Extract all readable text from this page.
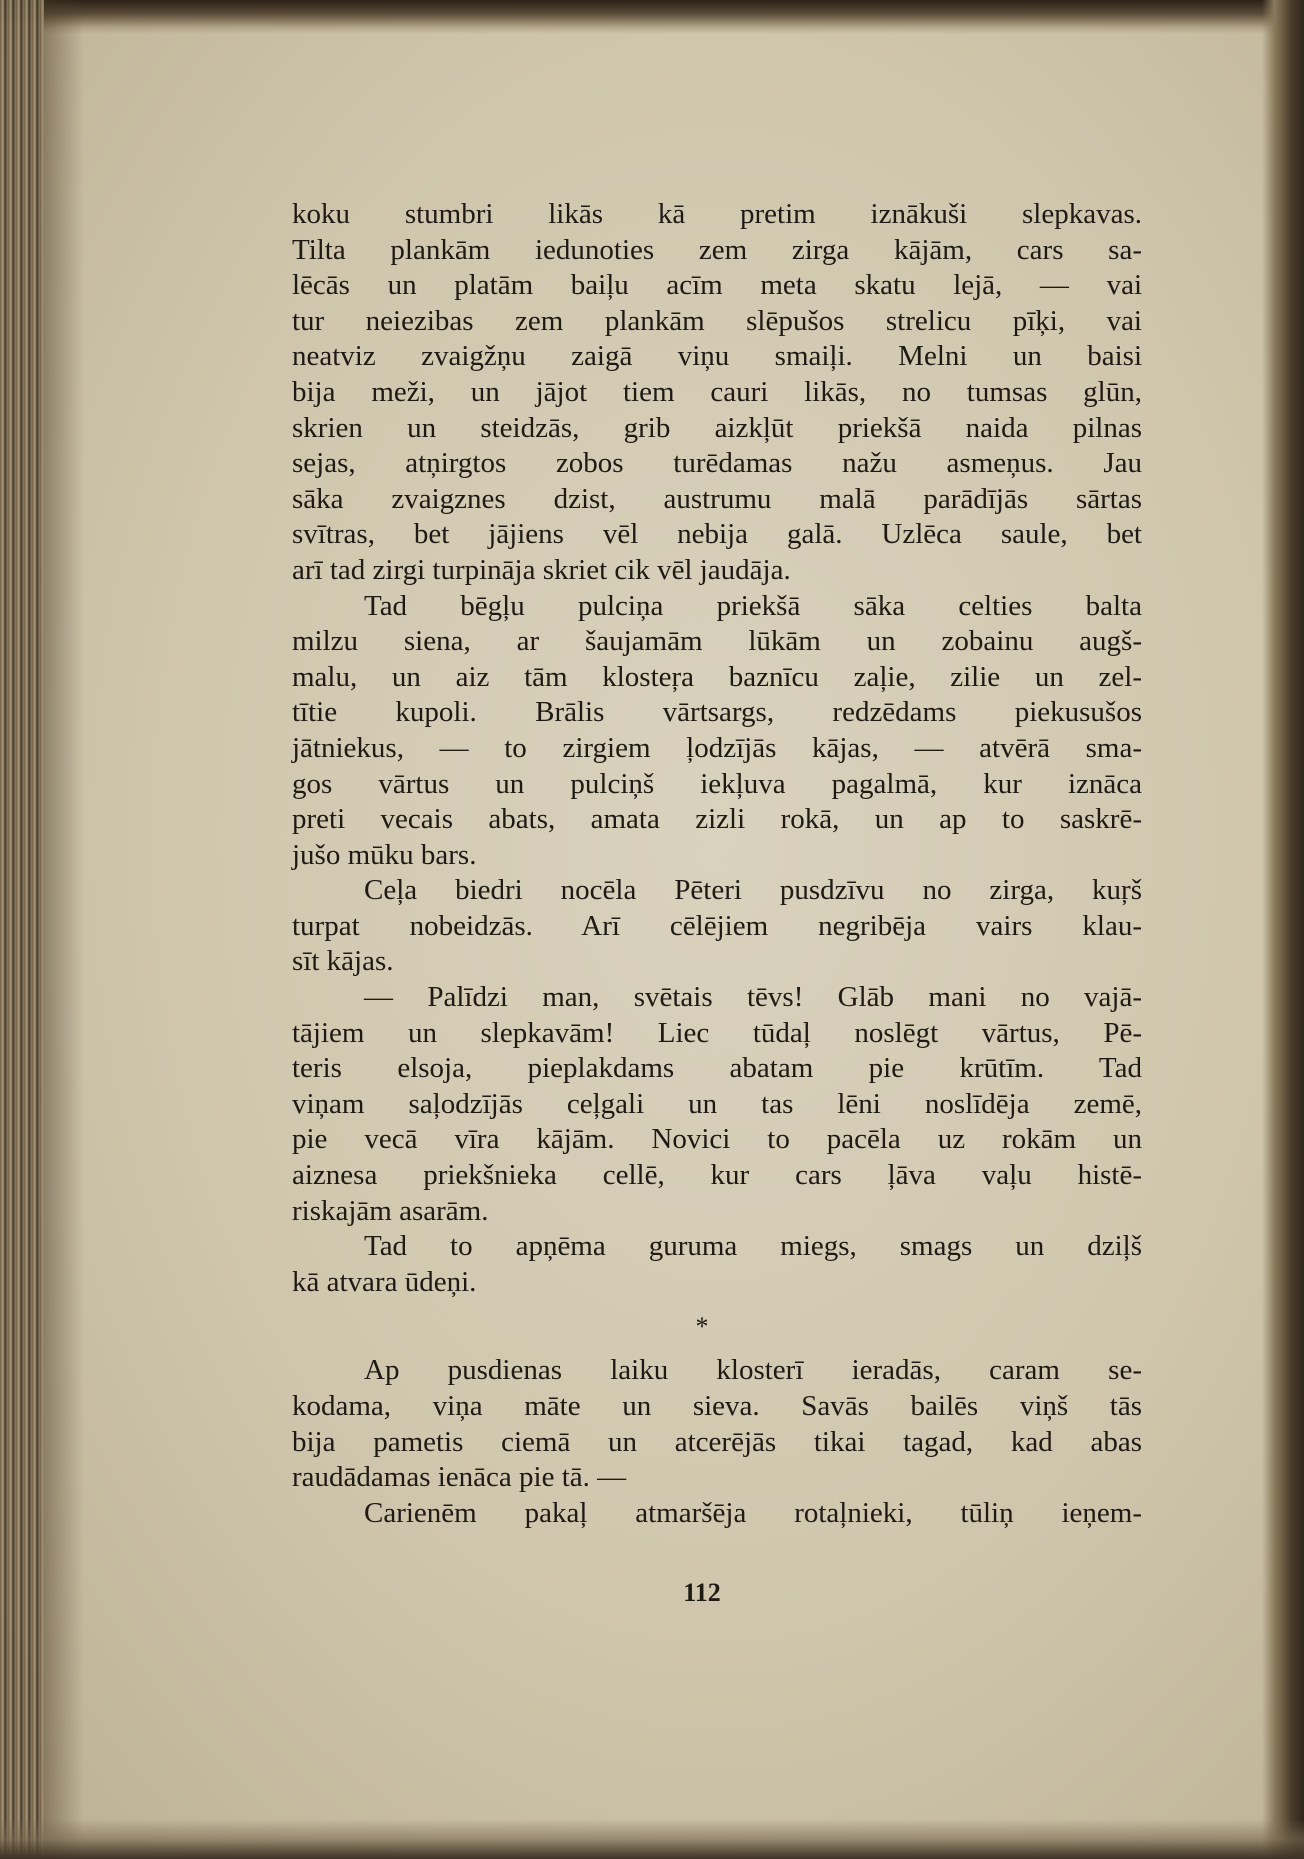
koku stumbri likās kā pretim iznākuši slepkavas.
Tilta plankām iedunoties zem zirga kājām, cars sa-
lēcās un platām baiļu acīm meta skatu lejā, — vai
tur neiezibas zem plankām slēpušos strelicu pīķi, vai
neatviz zvaigžņu zaigā viņu smaiļi. Melni un baisi
bija meži, un jājot tiem cauri likās, no tumsas glūn,
skrien un steidzās, grib aizkļūt priekšā naida pilnas
sejas, atņirgtos zobos turēdamas nažu asmeņus. Jau
sāka zvaigznes dzist, austrumu malā parādījās sārtas
svītras, bet jājiens vēl nebija galā. Uzlēca saule, bet
arī tad zirgi turpināja skriet cik vēl jaudāja.
Tad bēgļu pulciņa priekšā sāka celties balta
milzu siena, ar šaujamām lūkām un zobainu augš-
malu, un aiz tām klosteŗa baznīcu zaļie, zilie un zel-
tītie kupoli. Brālis vārtsargs, redzēdams piekusušos
jātniekus, — to zirgiem ļodzījās kājas, — atvērā sma-
gos vārtus un pulciņš iekļuva pagalmā, kur iznāca
preti vecais abats, amata zizli rokā, un ap to saskrē-
jušo mūku bars.
Ceļa biedri nocēla Pēteri pusdzīvu no zirga, kuŗš
turpat nobeidzās. Arī cēlējiem negribēja vairs klau-
sīt kājas.
— Palīdzi man, svētais tēvs! Glāb mani no vajā-
tājiem un slepkavām! Liec tūdaļ noslēgt vārtus, Pē-
teris elsoja, pieplakdams abatam pie krūtīm. Tad
viņam saļodzījās ceļgali un tas lēni noslīdēja zemē,
pie vecā vīra kājām. Novici to pacēla uz rokām un
aiznesa priekšnieka cellē, kur cars ļāva vaļu histē-
riskajām asarām.
Tad to apņēma guruma miegs, smags un dziļš
kā atvara ūdeņi.
*
Ap pusdienas laiku klosterī ieradās, caram se-
kodama, viņa māte un sieva. Savās bailēs viņš tās
bija pametis ciemā un atcerējās tikai tagad, kad abas
raudādamas ienāca pie tā. —
Carienēm pakaļ atmaršēja rotaļnieki, tūliņ ieņem-
112
